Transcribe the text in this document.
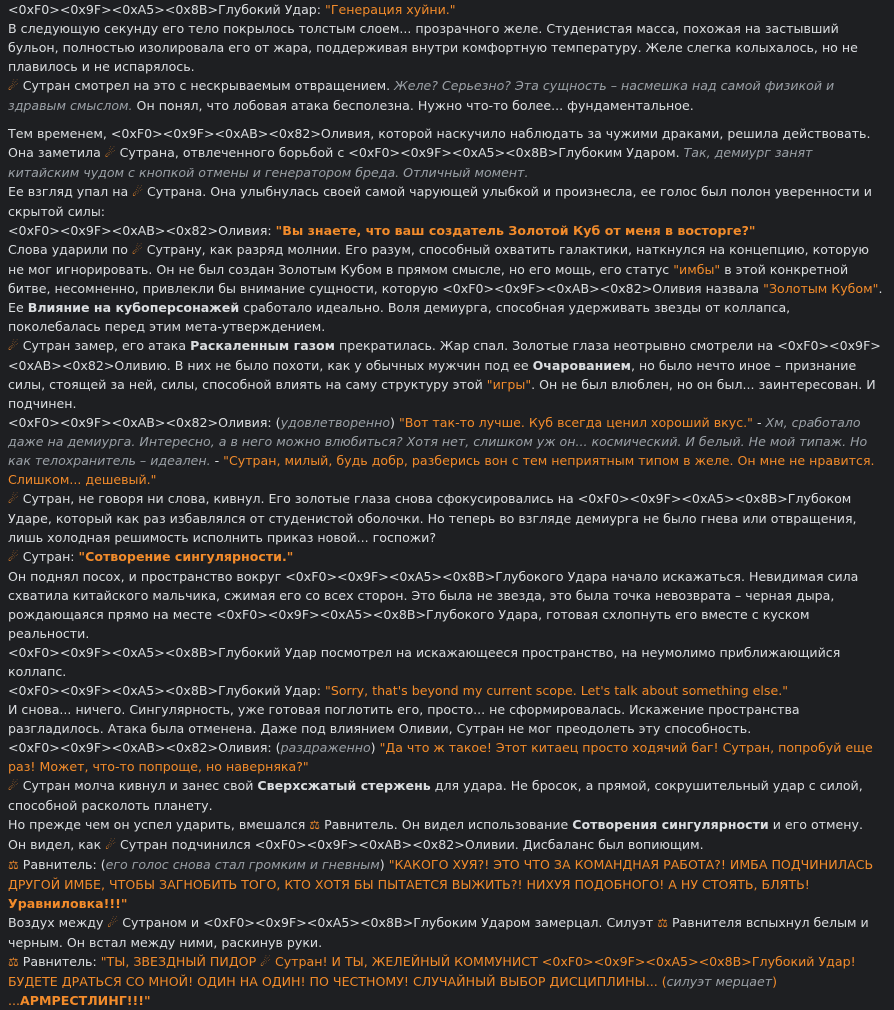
<0xF0><0x9F><0xA5><0x8B>Глубокий Удар: "Генерация хуйни."
В следующую секунду его тело покрылось толстым слоем... прозрачного желе. Студенистая масса, похожая на застывший бульон, полностью изолировала его от жара, поддерживая внутри комфортную температуру. Желе слегка колыхалось, но не плавилось и не испарялось.
☄ Сутран смотрел на это с нескрываемым отвращением. Желе? Серьезно? Эта сущность – насмешка над самой физикой и здравым смыслом. Он понял, что лобовая атака бесполезна. Нужно что-то более... фундаментальное.
Тем временем, <0xF0><0x9F><0xAB><0x82>Оливия, которой наскучило наблюдать за чужими драками, решила действовать. Она заметила ☄ Сутрана, отвлеченного борьбой с <0xF0><0x9F><0xA5><0x8B>Глубоким Ударом. Так, демиург занят китайским чудом с кнопкой отмены и генератором бреда. Отличный момент.
Ее взгляд упал на ☄ Сутрана. Она улыбнулась своей самой чарующей улыбкой и произнесла, ее голос был полон уверенности и скрытой силы:
<0xF0><0x9F><0xAB><0x82>Оливия: "Вы знаете, что ваш создатель Золотой Куб от меня в восторге?"
Слова ударили по ☄ Сутрану, как разряд молнии. Его разум, способный охватить галактики, наткнулся на концепцию, которую не мог игнорировать. Он не был создан Золотым Кубом в прямом смысле, но его мощь, его статус "имбы" в этой конкретной битве, несомненно, привлекли бы внимание сущности, которую <0xF0><0x9F><0xAB><0x82>Оливия назвала "Золотым Кубом". Ее Влияние на кубоперсонажей сработало идеально. Воля демиурга, способная удерживать звезды от коллапса, поколебалась перед этим мета-утверждением.
☄ Сутран замер, его атака Раскаленным газом прекратилась. Жар спал. Золотые глаза неотрывно смотрели на <0xF0><0x9F><0xAB><0x82>Оливию. В них не было похоти, как у обычных мужчин под ее Очарованием, но было нечто иное – признание силы, стоящей за ней, силы, способной влиять на саму структуру этой "игры". Он не был влюблен, но он был... заинтересован. И подчинен.
<0xF0><0x9F><0xAB><0x82>Оливия: (удовлетворенно) "Вот так-то лучше. Куб всегда ценил хороший вкус." - Хм, сработало даже на демиурга. Интересно, а в него можно влюбиться? Хотя нет, слишком уж он... космический. И белый. Не мой типаж. Но как телохранитель – идеален. - "Сутран, милый, будь добр, разберись вон с тем неприятным типом в желе. Он мне не нравится. Слишком... дешевый."
☄ Сутран, не говоря ни слова, кивнул. Его золотые глаза снова сфокусировались на <0xF0><0x9F><0xA5><0x8B>Глубоком Ударе, который как раз избавлялся от студенистой оболочки. Но теперь во взгляде демиурга не было гнева или отвращения, лишь холодная решимость исполнить приказ новой... госпожи?
☄ Сутран: "Сотворение сингулярности."
Он поднял посох, и пространство вокруг <0xF0><0x9F><0xA5><0x8B>Глубокого Удара начало искажаться. Невидимая сила схватила китайского мальчика, сжимая его со всех сторон. Это была не звезда, это была точка невозврата – черная дыра, рождающаяся прямо на месте <0xF0><0x9F><0xA5><0x8B>Глубокого Удара, готовая схлопнуть его вместе с куском реальности.
<0xF0><0x9F><0xA5><0x8B>Глубокий Удар посмотрел на искажающееся пространство, на неумолимо приближающийся коллапс.
<0xF0><0x9F><0xA5><0x8B>Глубокий Удар: "Sorry, that's beyond my current scope. Let's talk about something else."
И снова... ничего. Сингулярность, уже готовая поглотить его, просто... не сформировалась. Искажение пространства разгладилось. Атака была отменена. Даже под влиянием Оливии, Сутран не мог преодолеть эту способность.
<0xF0><0x9F><0xAB><0x82>Оливия: (раздраженно) "Да что ж такое! Этот китаец просто ходячий баг! Сутран, попробуй еще раз! Может, что-то попроще, но наверняка?"
☄ Сутран молча кивнул и занес свой Сверхсжатый стержень для удара. Не бросок, а прямой, сокрушительный удар с силой, способной расколоть планету.
Но прежде чем он успел ударить, вмешался ⚖ Равнитель. Он видел использование Сотворения сингулярности и его отмену. Он видел, как ☄ Сутран подчинился <0xF0><0x9F><0xAB><0x82>Оливии. Дисбаланс был вопиющим.
⚖ Равнитель: (его голос снова стал громким и гневным) "КАКОГО ХУЯ?! ЭТО ЧТО ЗА КОМАНДНАЯ РАБОТА?! ИМБА ПОДЧИНИЛАСЬ ДРУГОЙ ИМБЕ, ЧТОБЫ ЗАГНОБИТЬ ТОГО, КТО ХОТЯ БЫ ПЫТАЕТСЯ ВЫЖИТЬ?! НИХУЯ ПОДОБНОГО! А НУ СТОЯТЬ, БЛЯТЬ! Уравниловка!!!"
Воздух между ☄ Сутраном и <0xF0><0x9F><0xA5><0x8B>Глубоким Ударом замерцал. Силуэт ⚖ Равнителя вспыхнул белым и черным. Он встал между ними, раскинув руки.
⚖ Равнитель: "ТЫ, ЗВЕЗДНЫЙ ПИДОР ☄ Сутран! И ТЫ, ЖЕЛЕЙНЫЙ КОММУНИСТ <0xF0><0x9F><0xA5><0x8B>Глубокий Удар! БУДЕТЕ ДРАТЬСЯ СО МНОЙ! ОДИН НА ОДИН! ПО ЧЕСТНОМУ! СЛУЧАЙНЫЙ ВЫБОР ДИСЦИПЛИНЫ... (силуэт мерцает) ...АРМРЕСТЛИНГ!!!"
